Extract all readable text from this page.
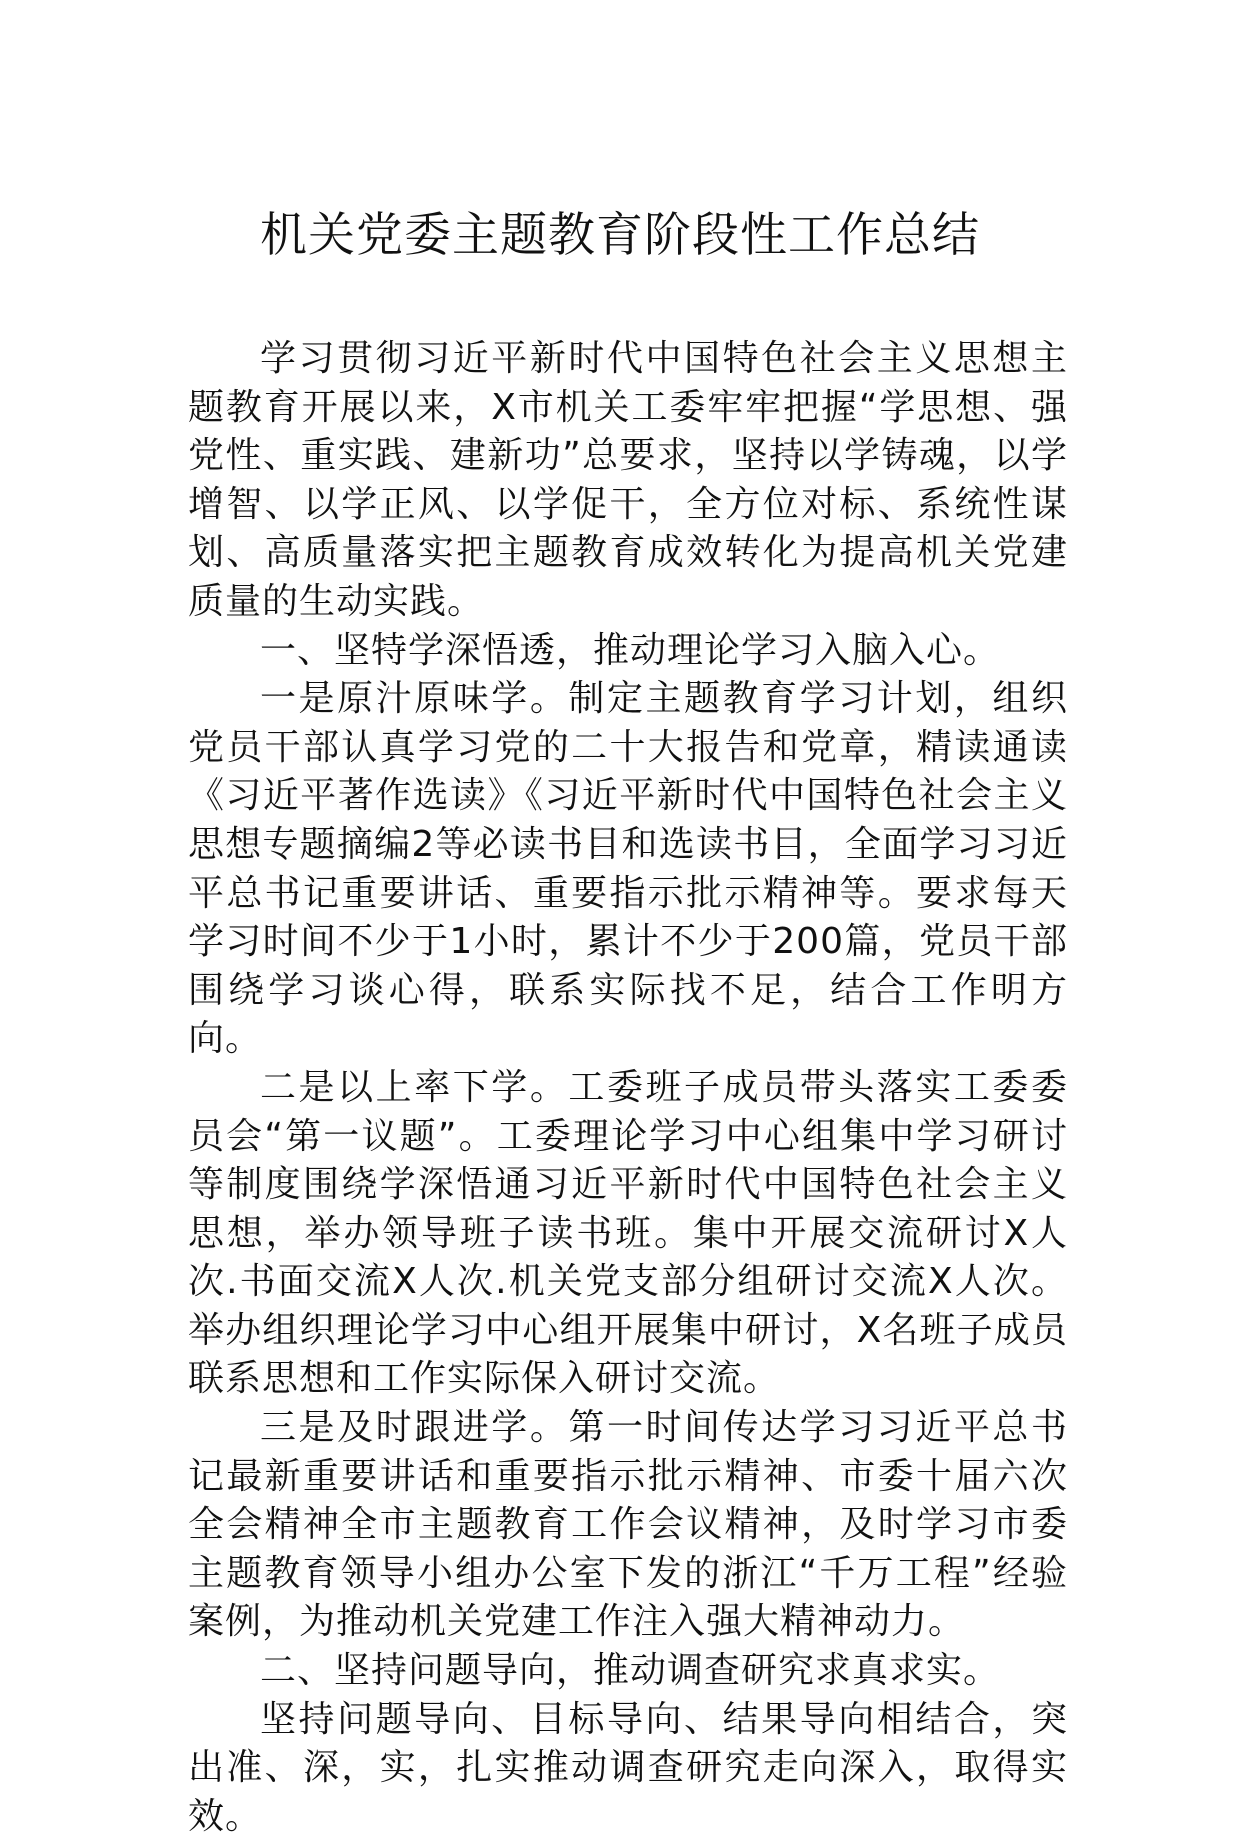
机关党委主题教育阶段性工作总结

学习贯彻习近平新时代中国特色社会主义思想主题教育开展以来，X市机关工委牢牢把握“学思想、强党性、重实践、建新功”总要求，坚持以学铸魂，以学增智、以学正风、以学促干，全方位对标、系统性谋划、高质量落实把主题教育成效转化为提高机关党建质量的生动实践。

一、坚特学深悟透，推动理论学习入脑入心。

一是原汁原味学。制定主题教育学习计划，组织党员干部认真学习党的二十大报告和党章，精读通读《习近平著作选读》《习近平新时代中国特色社会主义思想专题摘编2等必读书目和选读书目，全面学习习近平总书记重要讲话、重要指示批示精神等。要求每天学习时间不少于1小时，累计不少于200篇，党员干部围绕学习谈心得，联系实际找不足，结合工作明方向。

二是以上率下学。工委班子成员带头落实工委委员会“第一议题”。工委理论学习中心组集中学习研讨等制度围绕学深悟通习近平新时代中国特色社会主义思想，举办领导班子读书班。集中开展交流研讨X人次.书面交流X人次.机关党支部分组研讨交流X人次。举办组织理论学习中心组开展集中研讨，X名班子成员联系思想和工作实际保入研讨交流。

三是及时跟进学。第一时间传达学习习近平总书记最新重要讲话和重要指示批示精神、市委十届六次全会精神全市主题教育工作会议精神，及时学习市委主题教育领导小组办公室下发的浙江“千万工程”经验案例，为推动机关党建工作注入强大精神动力。

二、坚持问题导向，推动调查研究求真求实。

坚持问题导向、目标导向、结果导向相结合，突出准、深，实，扎实推动调查研究走向深入，取得实效。
